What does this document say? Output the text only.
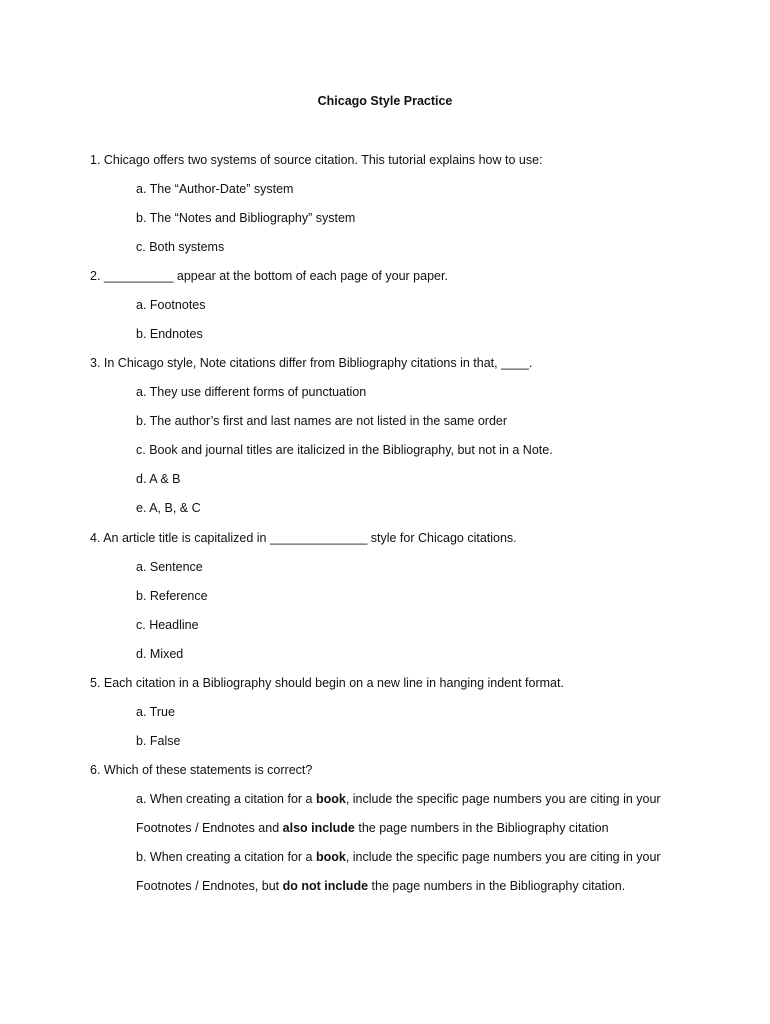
Chicago Style Practice
1. Chicago offers two systems of source citation. This tutorial explains how to use:
a. The “Author-Date” system
b. The “Notes and Bibliography” system
c. Both systems
2. __________ appear at the bottom of each page of your paper.
a. Footnotes
b. Endnotes
3. In Chicago style, Note citations differ from Bibliography citations in that, ____.
a. They use different forms of punctuation
b. The author’s first and last names are not listed in the same order
c. Book and journal titles are italicized in the Bibliography, but not in a Note.
d. A & B
e. A, B, & C
4. An article title is capitalized in ______________ style for Chicago citations.
a. Sentence
b. Reference
c. Headline
d. Mixed
5. Each citation in a Bibliography should begin on a new line in hanging indent format.
a. True
b. False
6. Which of these statements is correct?
a. When creating a citation for a book, include the specific page numbers you are citing in your
Footnotes / Endnotes and also include the page numbers in the Bibliography citation
b. When creating a citation for a book, include the specific page numbers you are citing in your
Footnotes / Endnotes, but do not include the page numbers in the Bibliography citation.
